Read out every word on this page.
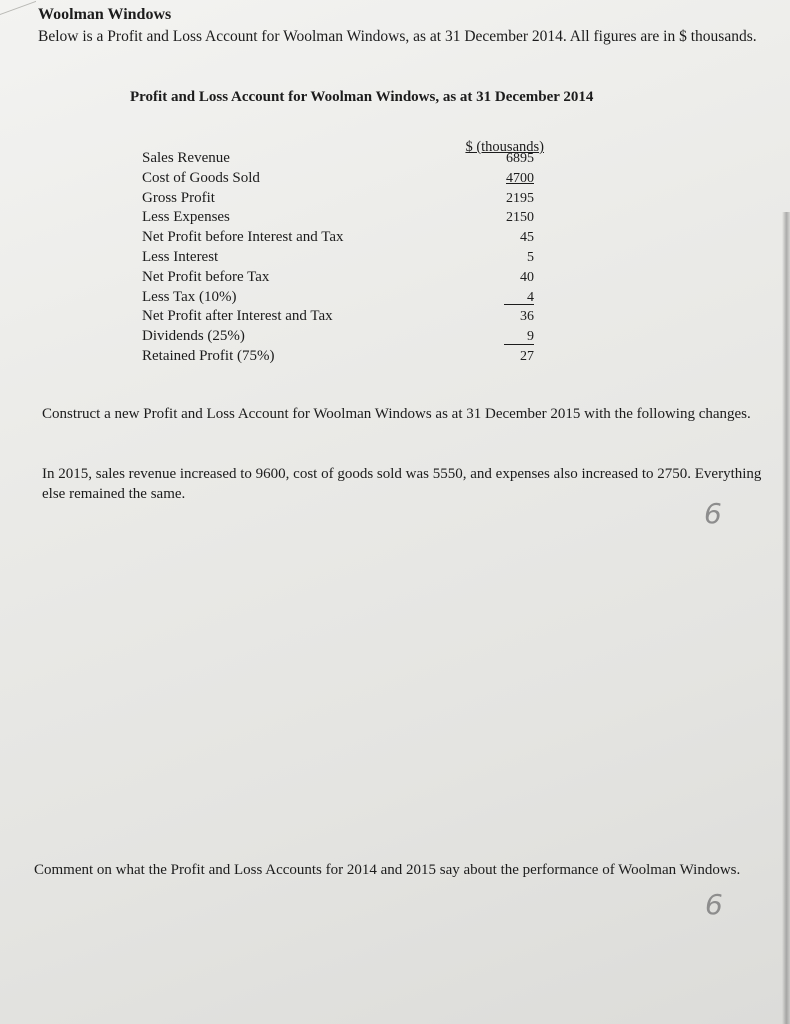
Woolman Windows
Below is a Profit and Loss Account for Woolman Windows, as at 31 December 2014. All figures are in $ thousands.
Profit and Loss Account for Woolman Windows, as at 31 December 2014
$ (thousands)
Sales Revenue	6895
Cost of Goods Sold	4700
Gross Profit	2195
Less Expenses	2150
Net Profit before Interest and Tax	45
Less Interest	5
Net Profit before Tax	40
Less Tax (10%)	4
Net Profit after Interest and Tax	36
Dividends (25%)	9
Retained Profit (75%)	27
Construct a new Profit and Loss Account for Woolman Windows as at 31 December 2015 with the following changes.
In 2015, sales revenue increased to 9600, cost of goods sold was 5550, and expenses also increased to 2750. Everything else remained the same.
6
Comment on what the Profit and Loss Accounts for 2014 and 2015 say about the performance of Woolman Windows.
6
